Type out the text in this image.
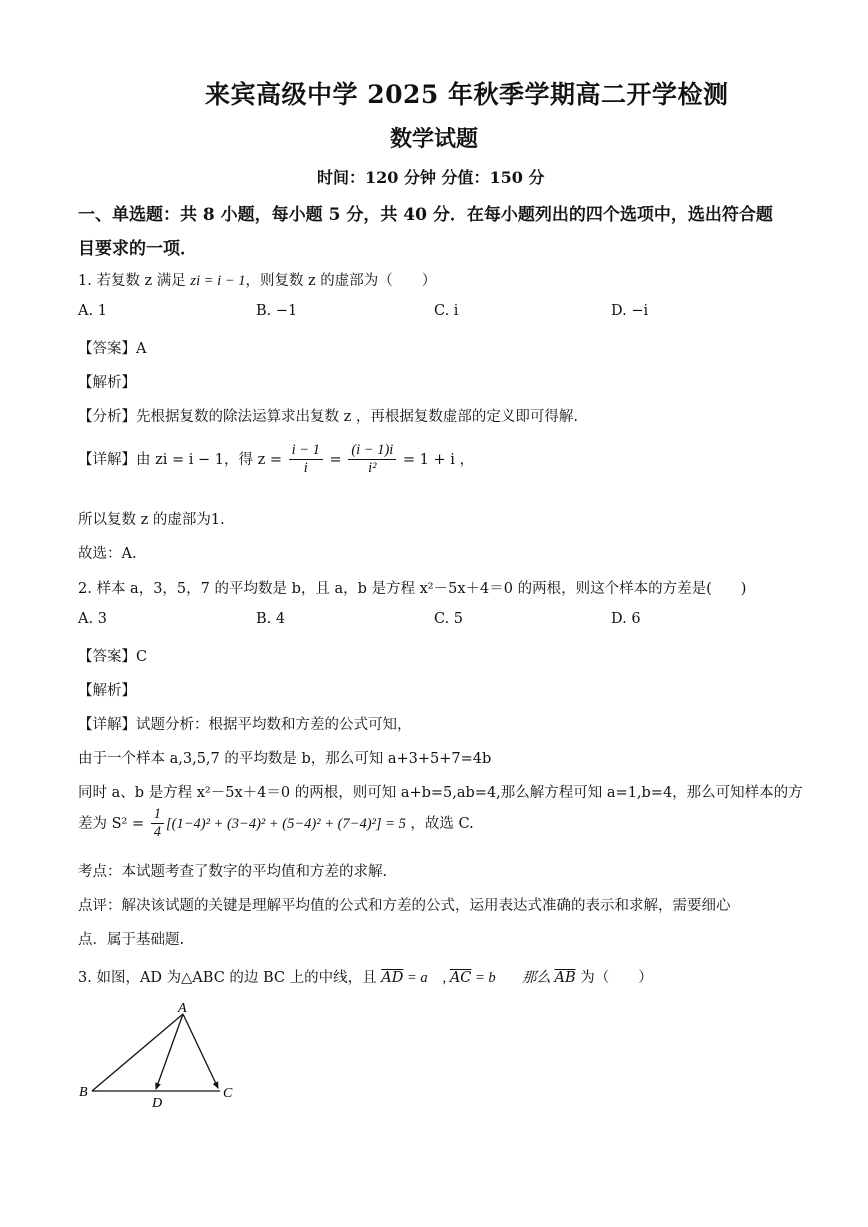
来宾高级中学 2025 年秋季学期高二开学检测
数学试题
时间：120 分钟 分值：150 分
一、单选题：共 8 小题，每小题 5 分，共 40 分．在每小题列出的四个选项中，选出符合题
目要求的一项．
1. 若复数 z 满足 zi = i − 1，则复数 z 的虚部为（　　）
A. 1	B. −1	C. i	D. −i
【答案】A
【解析】
【分析】先根据复数的除法运算求出复数 z ，再根据复数虚部的定义即可得解.
【详解】由 zi = i − 1，得 $z = \frac{i - 1}{i} = \frac{(i - 1)i}{\text{i²}} = 1 + i$ ，
所以复数 z 的虚部为1.
故选：A.
2. 样本 a，3，5，7 的平均数是 b，且 a，b 是方程 x²－5x＋4＝0 的两根，则这个样本的方差是(　　)
A. 3	B. 4	C. 5	D. 6
【答案】C
【解析】
【详解】试题分析：根据平均数和方差的公式可知，
由于一个样本 a,3,5,7 的平均数是 b，那么可知 a+3+5+7=4b
同时 a、b 是方程 x²－5x＋4＝0 的两根，则可知 a+b=5,ab=4,那么解方程可知 a=1,b=4，那么可知样本的方
差为 $S^2 = \frac{1}{4} [(1-4)^2 + (3-4)^2 + (5-4)^2 + (7-4)^2] = 5$ ，故选 C.
考点：本试题考查了数字的平均值和方差的求解.
点评：解决该试题的关键是理解平均值的公式和方差的公式，运用表达式准确的表示和求解，需要细心
点．属于基础题.
3. 如图，AD 为△ABC 的边 BC 上的中线，且 $\overline{AD}$ = a⃗ , $\overline{AC}$ = b⃗ ，那么 $\overline{AB}$ 为（　　）
A
B	C
D
